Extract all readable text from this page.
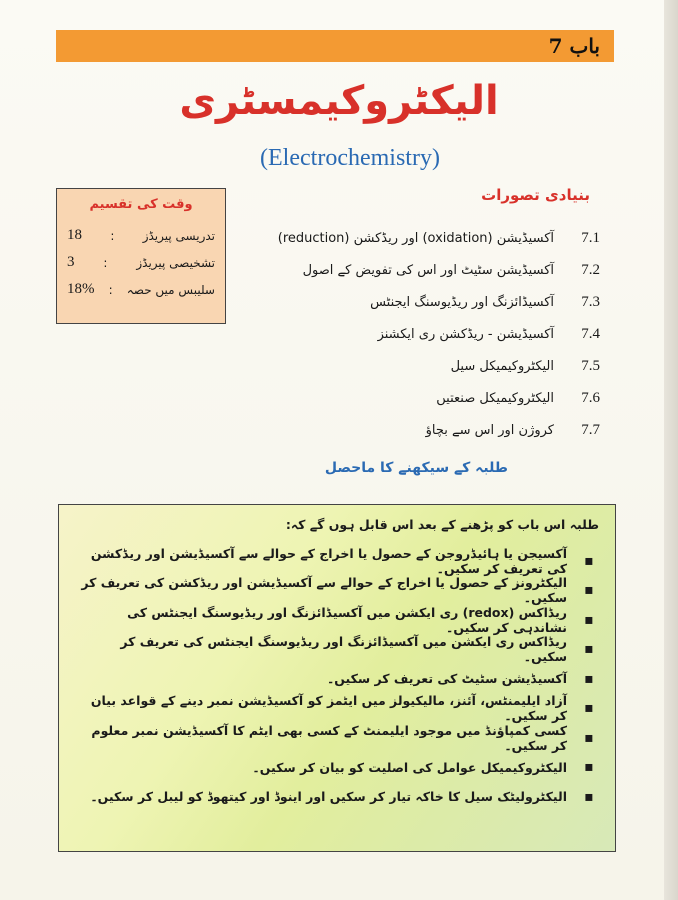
باب 7
الیکٹروکیمسٹری
(Electrochemistry)
وقت کی تقسیم
تدریسی پیریڈز
:
18
تشخیصی پیریڈز
:
3
سلیبس میں حصہ
:
18%
بنیادی تصورات
آکسیڈیشن (oxidation) اور ریڈکشن (reduction)	7.1
آکسیڈیشن سٹیٹ اور اس کی تفویض کے اصول	7.2
آکسیڈائزنگ اور ریڈیوسنگ ایجنٹس	7.3
آکسیڈیشن - ریڈکشن ری ایکشنز	7.4
الیکٹروکیمیکل سیل	7.5
الیکٹروکیمیکل صنعتیں	7.6
کروژن اور اس سے بچاؤ	7.7
طلبہ کے سیکھنے کا ماحصل
طلبہ اس باب کو پڑھنے کے بعد اس قابل ہوں گے کہ:
▪
آکسیجن یا ہائیڈروجن کے حصول یا اخراج کے حوالے سے آکسیڈیشن اور ریڈکشن کی تعریف کر سکیں۔
▪
الیکٹرونز کے حصول یا اخراج کے حوالے سے آکسیڈیشن اور ریڈکشن کی تعریف کر سکیں۔
▪
ریڈاکس (redox) ری ایکشن میں آکسیڈائزنگ اور ریڈیوسنگ ایجنٹس کی نشاندہی کر سکیں۔
▪
ریڈاکس ری ایکشن میں آکسیڈائزنگ اور ریڈیوسنگ ایجنٹس کی تعریف کر سکیں۔
▪
آکسیڈیشن سٹیٹ کی تعریف کر سکیں۔
▪
آزاد ایلیمنٹس، آئنز، مالیکیولز میں ایٹمز کو آکسیڈیشن نمبر دینے کے قواعد بیان کر سکیں۔
▪
کسی کمپاؤنڈ میں موجود ایلیمنٹ کے کسی بھی ایٹم کا آکسیڈیشن نمبر معلوم کر سکیں۔
▪
الیکٹروکیمیکل عوامل کی اصلیت کو بیان کر سکیں۔
▪
الیکٹرولیٹک سیل کا خاکہ تیار کر سکیں اور اینوڈ اور کیتھوڈ کو لیبل کر سکیں۔
